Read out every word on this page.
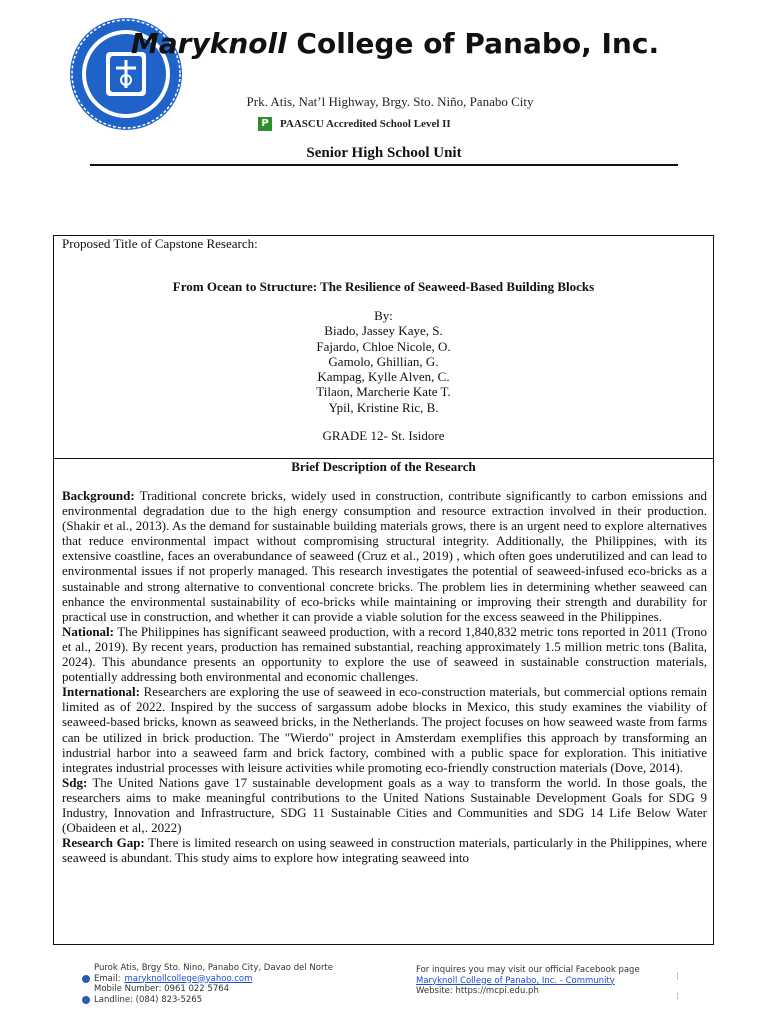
Maryknoll College of Panabo, Inc.
Prk. Atis, Nat’l Highway, Brgy. Sto. Niño, Panabo City
P	PAASCU Accredited School Level II
Senior High School Unit
Proposed Title of Capstone Research:
From Ocean to Structure: The Resilience of Seaweed-Based Building Blocks
By:
Biado, Jassey Kaye, S.
Fajardo, Chloe Nicole, O.
Gamolo, Ghillian, G.
Kampag, Kylle Alven, C.
Tilaon, Marcherie Kate T.
Ypil, Kristine Ric, B.
GRADE 12- St. Isidore
Brief Description of the Research

Background: Traditional concrete bricks, widely used in construction, contribute significantly to carbon emissions and environmental degradation due to the high energy consumption and resource extraction involved in their production. (Shakir et al., 2013). As the demand for sustainable building materials grows, there is an urgent need to explore alternatives that reduce environmental impact without compromising structural integrity. Additionally, the Philippines, with its extensive coastline, faces an overabundance of seaweed (Cruz et al., 2019) , which often goes underutilized and can lead to environmental issues if not properly managed. This research investigates the potential of seaweed-infused eco-bricks as a sustainable and strong alternative to conventional concrete bricks. The problem lies in determining whether seaweed can enhance the environmental sustainability of eco-bricks while maintaining or improving their strength and durability for practical use in construction, and whether it can provide a viable solution for the excess seaweed in the Philippines.

National: The Philippines has significant seaweed production, with a record 1,840,832 metric tons reported in 2011 (Trono et al., 2019). By recent years, production has remained substantial, reaching approximately 1.5 million metric tons (Balita, 2024). This abundance presents an opportunity to explore the use of seaweed in sustainable construction materials, potentially addressing both environmental and economic challenges.

International: Researchers are exploring the use of seaweed in eco-construction materials, but commercial options remain limited as of 2022. Inspired by the success of sargassum adobe blocks in Mexico, this study examines the viability of seaweed-based bricks, known as seaweed bricks, in the Netherlands. The project focuses on how seaweed waste from farms can be utilized in brick production. The "Wierdo" project in Amsterdam exemplifies this approach by transforming an industrial harbor into a seaweed farm and brick factory, combined with a public space for exploration. This initiative integrates industrial processes with leisure activities while promoting eco-friendly construction materials (Dove, 2014).

Sdg: The United Nations gave 17 sustainable development goals as a way to transform the world. In those goals, the researchers aims to make meaningful contributions to the United Nations Sustainable Development Goals for SDG 9 Industry, Innovation and Infrastructure, SDG 11 Sustainable Cities and Communities and SDG 14 Life Below Water (Obaideen et al,. 2022)

Research Gap: There is limited research on using seaweed in construction materials, particularly in the Philippines, where seaweed is abundant. This study aims to explore how integrating seaweed into

Purok Atis, Brgy Sto. Nino, Panabo City, Davao del Norte
Email: maryknollcollege@yahoo.com
Mobile Number: 0961 022 5764
Landline: (084) 823-5265
For inquires you may visit our official Facebook page
Maryknoll College of Panabo, Inc. - Community
Website: https://mcpi.edu.ph
¦
¦
